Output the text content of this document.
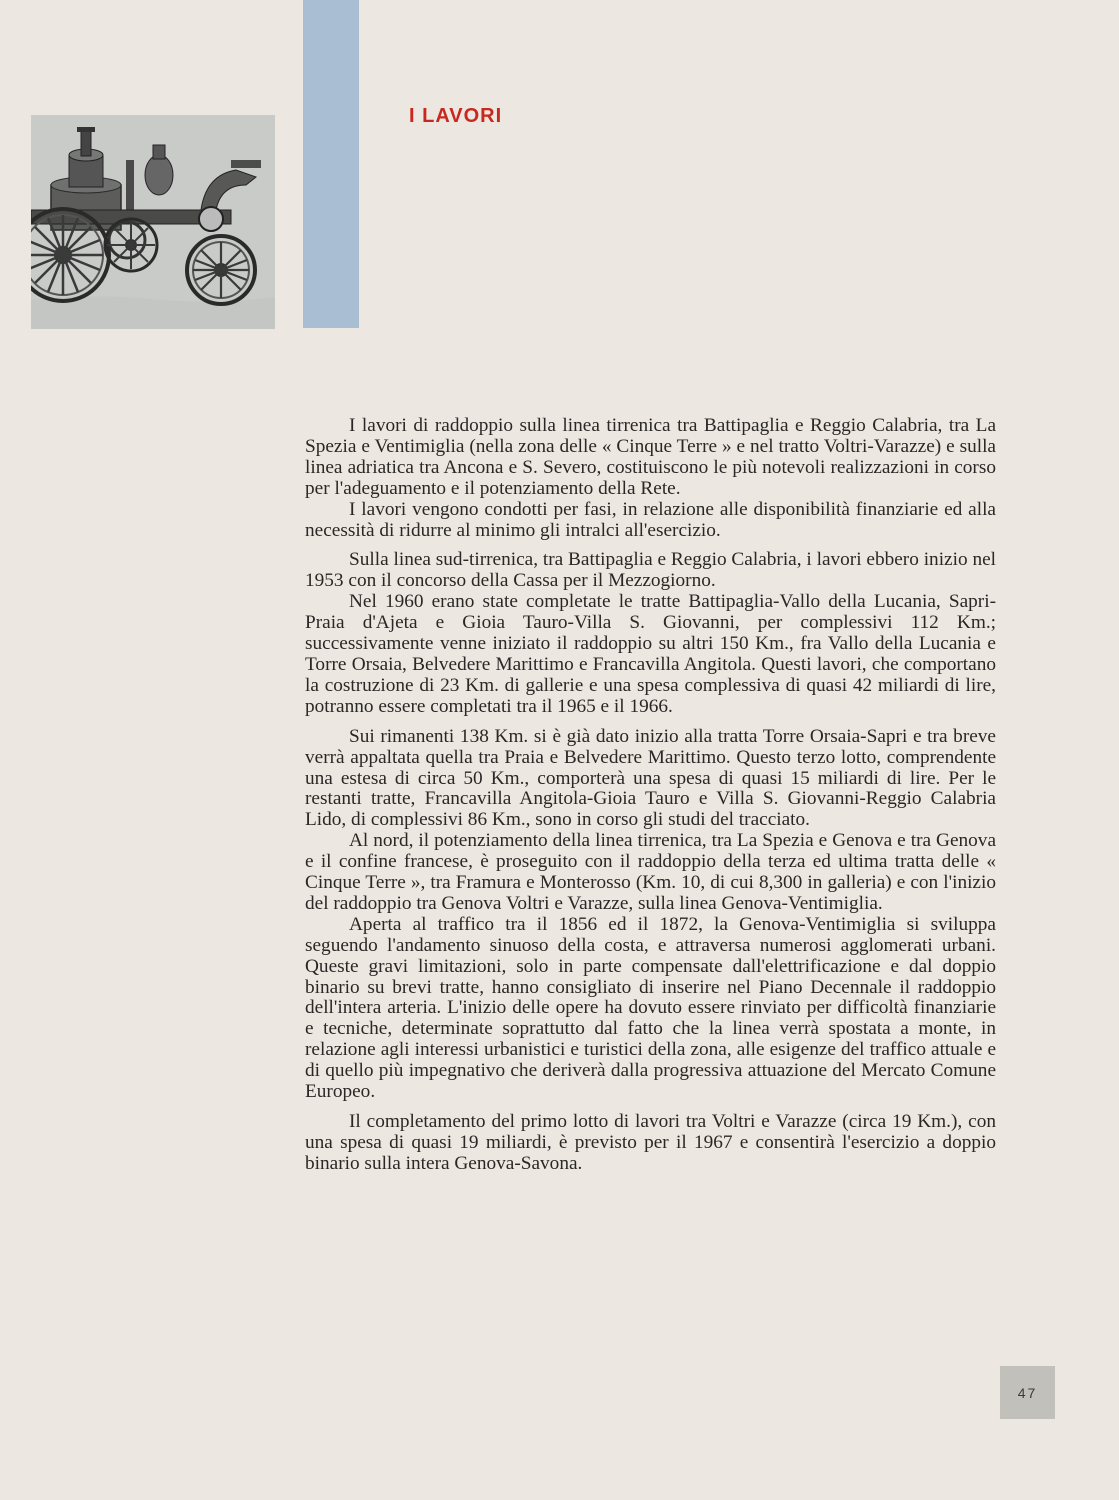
I LAVORI

I lavori di raddoppio sulla linea tirrenica tra Battipaglia e Reggio Calabria, tra La Spezia e Ventimiglia (nella zona delle « Cinque Terre » e nel tratto Voltri-Varazze) e sulla linea adriatica tra Ancona e S. Severo, costituiscono le più notevoli realizzazioni in corso per l'adeguamento e il potenziamento della Rete.

I lavori vengono condotti per fasi, in relazione alle disponibilità finanziarie ed alla necessità di ridurre al minimo gli intralci all'esercizio.

Sulla linea sud-tirrenica, tra Battipaglia e Reggio Calabria, i lavori ebbero inizio nel 1953 con il concorso della Cassa per il Mezzogiorno.

Nel 1960 erano state completate le tratte Battipaglia-Vallo della Lucania, Sapri-Praia d'Ajeta e Gioia Tauro-Villa S. Giovanni, per complessivi 112 Km.; successivamente venne iniziato il raddoppio su altri 150 Km., fra Vallo della Lucania e Torre Orsaia, Belvedere Marittimo e Francavilla Angitola. Questi lavori, che comportano la costruzione di 23 Km. di gallerie e una spesa complessiva di quasi 42 miliardi di lire, potranno essere completati tra il 1965 e il 1966.

Sui rimanenti 138 Km. si è già dato inizio alla tratta Torre Orsaia-Sapri e tra breve verrà appaltata quella tra Praia e Belvedere Marittimo. Questo terzo lotto, comprendente una estesa di circa 50 Km., comporterà una spesa di quasi 15 miliardi di lire. Per le restanti tratte, Francavilla Angitola-Gioia Tauro e Villa S. Giovanni-Reggio Calabria Lido, di complessivi 86 Km., sono in corso gli studi del tracciato.

Al nord, il potenziamento della linea tirrenica, tra La Spezia e Genova e tra Genova e il confine francese, è proseguito con il raddoppio della terza ed ultima tratta delle « Cinque Terre », tra Framura e Monterosso (Km. 10, di cui 8,300 in galleria) e con l'inizio del raddoppio tra Genova Voltri e Varazze, sulla linea Genova-Ventimiglia.

Aperta al traffico tra il 1856 ed il 1872, la Genova-Ventimiglia si sviluppa seguendo l'andamento sinuoso della costa, e attraversa numerosi agglomerati urbani. Queste gravi limitazioni, solo in parte compensate dall'elettrificazione e dal doppio binario su brevi tratte, hanno consigliato di inserire nel Piano Decennale il raddoppio dell'intera arteria. L'inizio delle opere ha dovuto essere rinviato per difficoltà finanziarie e tecniche, determinate soprattutto dal fatto che la linea verrà spostata a monte, in relazione agli interessi urbanistici e turistici della zona, alle esigenze del traffico attuale e di quello più impegnativo che deriverà dalla progressiva attuazione del Mercato Comune Europeo.

Il completamento del primo lotto di lavori tra Voltri e Varazze (circa 19 Km.), con una spesa di quasi 19 miliardi, è previsto per il 1967 e consentirà l'esercizio a doppio binario sulla intera Genova-Savona.

47
